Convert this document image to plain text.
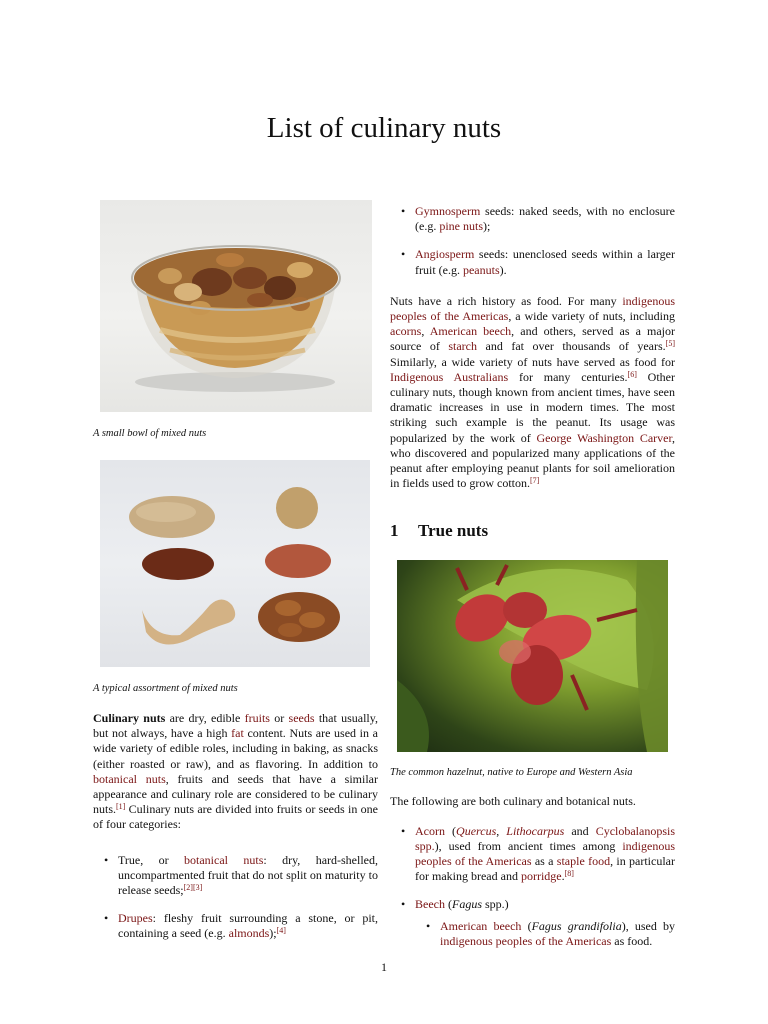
List of culinary nuts

A small bowl of mixed nuts

A typical assortment of mixed nuts

Culinary nuts are dry, edible fruits or seeds that usually, but not always, have a high fat content. Nuts are used in a wide variety of edible roles, including in baking, as snacks (either roasted or raw), and as flavoring. In addition to botanical nuts, fruits and seeds that have a similar appearance and culinary role are considered to be culinary nuts.[1] Culinary nuts are divided into fruits or seeds in one of four categories:

• True, or botanical nuts: dry, hard-shelled, uncompartmented fruit that do not split on maturity to release seeds;[2][3]
• Drupes: fleshy fruit surrounding a stone, or pit, containing a seed (e.g. almonds);[4]
• Gymnosperm seeds: naked seeds, with no enclosure (e.g. pine nuts);
• Angiosperm seeds: unenclosed seeds within a larger fruit (e.g. peanuts).

Nuts have a rich history as food. For many indigenous peoples of the Americas, a wide variety of nuts, including acorns, American beech, and others, served as a major source of starch and fat over thousands of years.[5] Similarly, a wide variety of nuts have served as food for Indigenous Australians for many centuries.[6] Other culinary nuts, though known from ancient times, have seen dramatic increases in use in modern times. The most striking such example is the peanut. Its usage was popularized by the work of George Washington Carver, who discovered and popularized many applications of the peanut after employing peanut plants for soil amelioration in fields used to grow cotton.[7]

1 True nuts

The common hazelnut, native to Europe and Western Asia

The following are both culinary and botanical nuts.

• Acorn (Quercus, Lithocarpus and Cyclobalanopsis spp.), used from ancient times among indigenous peoples of the Americas as a staple food, in particular for making bread and porridge.[8]
• Beech (Fagus spp.)
• American beech (Fagus grandifolia), used by indigenous peoples of the Americas as food.
1
